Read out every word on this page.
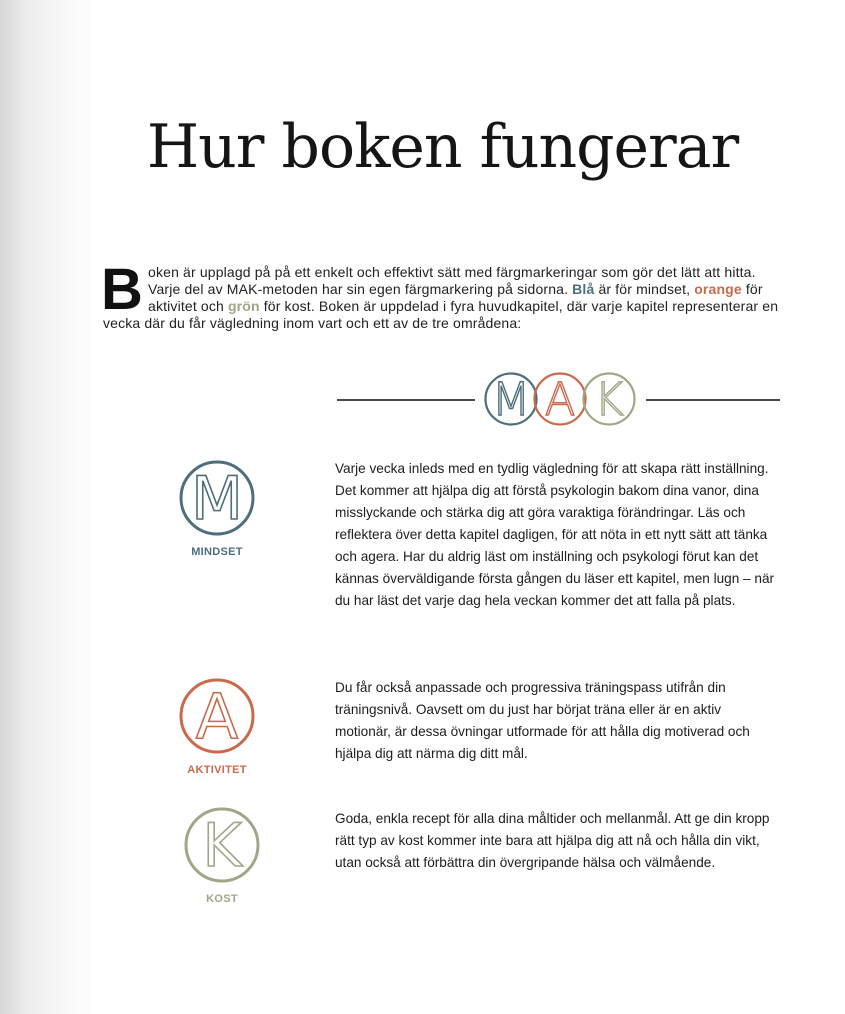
Hur boken fungerar

Boken är upplagd på på ett enkelt och effektivt sätt med färgmarkeringar som gör det lätt att hitta. Varje del av MAK-metoden har sin egen färgmarkering på sidorna. Blå är för mindset, orange för aktivitet och grön för kost. Boken är uppdelad i fyra huvudkapitel, där varje kapitel representerar en vecka där du får vägledning inom vart och ett av de tre områdena:

M A K
M
MINDSET

Varje vecka inleds med en tydlig vägledning för att skapa rätt inställning. Det kommer att hjälpa dig att förstå psykologin bakom dina vanor, dina misslyckande och stärka dig att göra varaktiga förändringar. Läs och reflektera över detta kapitel dagligen, för att nöta in ett nytt sätt att tänka och agera. Har du aldrig läst om inställning och psykologi förut kan det kännas överväldigande första gången du läser ett kapitel, men lugn – när du har läst det varje dag hela veckan kommer det att falla på plats.

A
AKTIVITET

Du får också anpassade och progressiva träningspass utifrån din träningsnivå. Oavsett om du just har börjat träna eller är en aktiv motionär, är dessa övningar utformade för att hålla dig motiverad och hjälpa dig att närma dig ditt mål.

K
KOST

Goda, enkla recept för alla dina måltider och mellanmål. Att ge din kropp rätt typ av kost kommer inte bara att hjälpa dig att nå och hålla din vikt, utan också att förbättra din övergripande hälsa och välmående.
